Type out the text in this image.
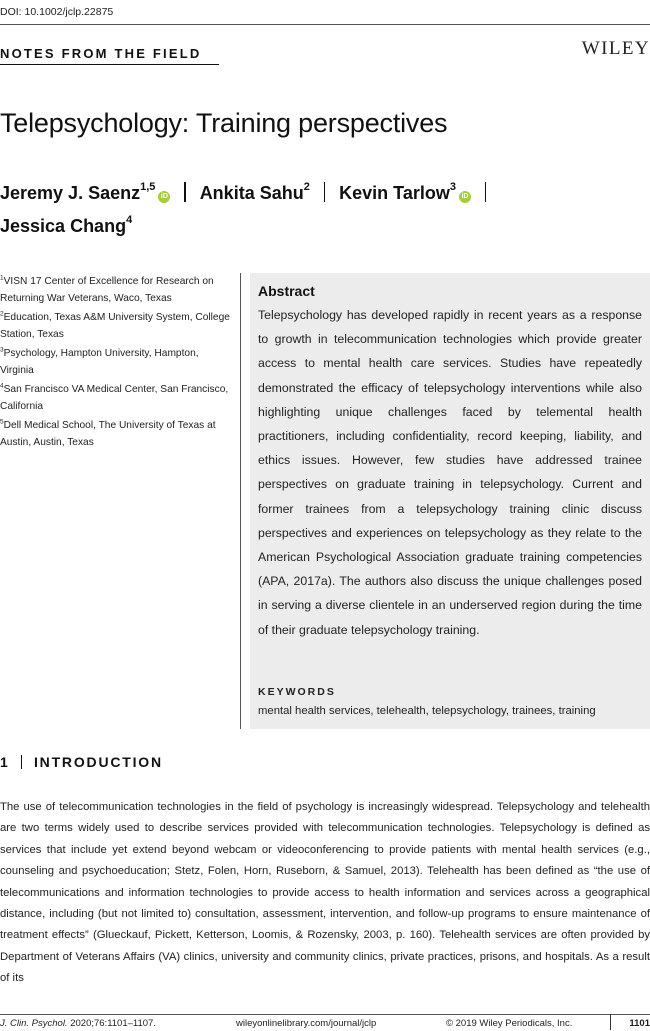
DOI: 10.1002/jclp.22875
NOTES FROM THE FIELD	WILEY
Telepsychology: Training perspectives
Jeremy J. Saenz$^{1,5}$iD Ankita Sahu$^2$ Kevin Tarlow$^3$iD
Jessica Chang$^4$
$^1$VISN 17 Center of Excellence for Research on Returning War Veterans, Waco, Texas
$^2$Education, Texas A&M University System, College Station, Texas
$^3$Psychology, Hampton University, Hampton, Virginia
$^4$San Francisco VA Medical Center, San Francisco, California
$^5$Dell Medical School, The University of Texas at Austin, Austin, Texas
Abstract

Telepsychology has developed rapidly in recent years as a response to growth in telecommunication technologies which provide greater access to mental health care services. Studies have repeatedly demonstrated the efficacy of telepsychology interventions while also highlighting unique challenges faced by telemental health practitioners, including confidentiality, record keeping, liability, and ethics issues. However, few studies have addressed trainee perspectives on graduate training in telepsychology. Current and former trainees from a telepsychology training clinic discuss perspectives and experiences on telepsychology as they relate to the American Psychological Association graduate training competencies (APA, 2017a). The authors also discuss the unique challenges posed in serving a diverse clientele in an underserved region during the time of their graduate telepsychology training.

KEYWORDS
mental health services, telehealth, telepsychology, trainees, training
1 INTRODUCTION

The use of telecommunication technologies in the field of psychology is increasingly widespread. Telepsychology and telehealth are two terms widely used to describe services provided with telecommunication technologies. Telepsychology is defined as services that include yet extend beyond webcam or videoconferencing to provide patients with mental health services (e.g., counseling and psychoeducation; Stetz, Folen, Horn, Ruseborn, & Samuel, 2013). Telehealth has been defined as “the use of telecommunications and information technologies to provide access to health information and services across a geographical distance, including (but not limited to) consultation, assessment, intervention, and follow-up programs to ensure maintenance of treatment effects” (Glueckauf, Pickett, Ketterson, Loomis, & Rozensky, 2003, p. 160). Telehealth services are often provided by Department of Veterans Affairs (VA) clinics, university and community clinics, private practices, prisons, and hospitals. As a result of its

J. Clin. Psychol. 2020;76:1101–1107.	wileyonlinelibrary.com/journal/jclp	© 2019 Wiley Periodicals, Inc.	1101
